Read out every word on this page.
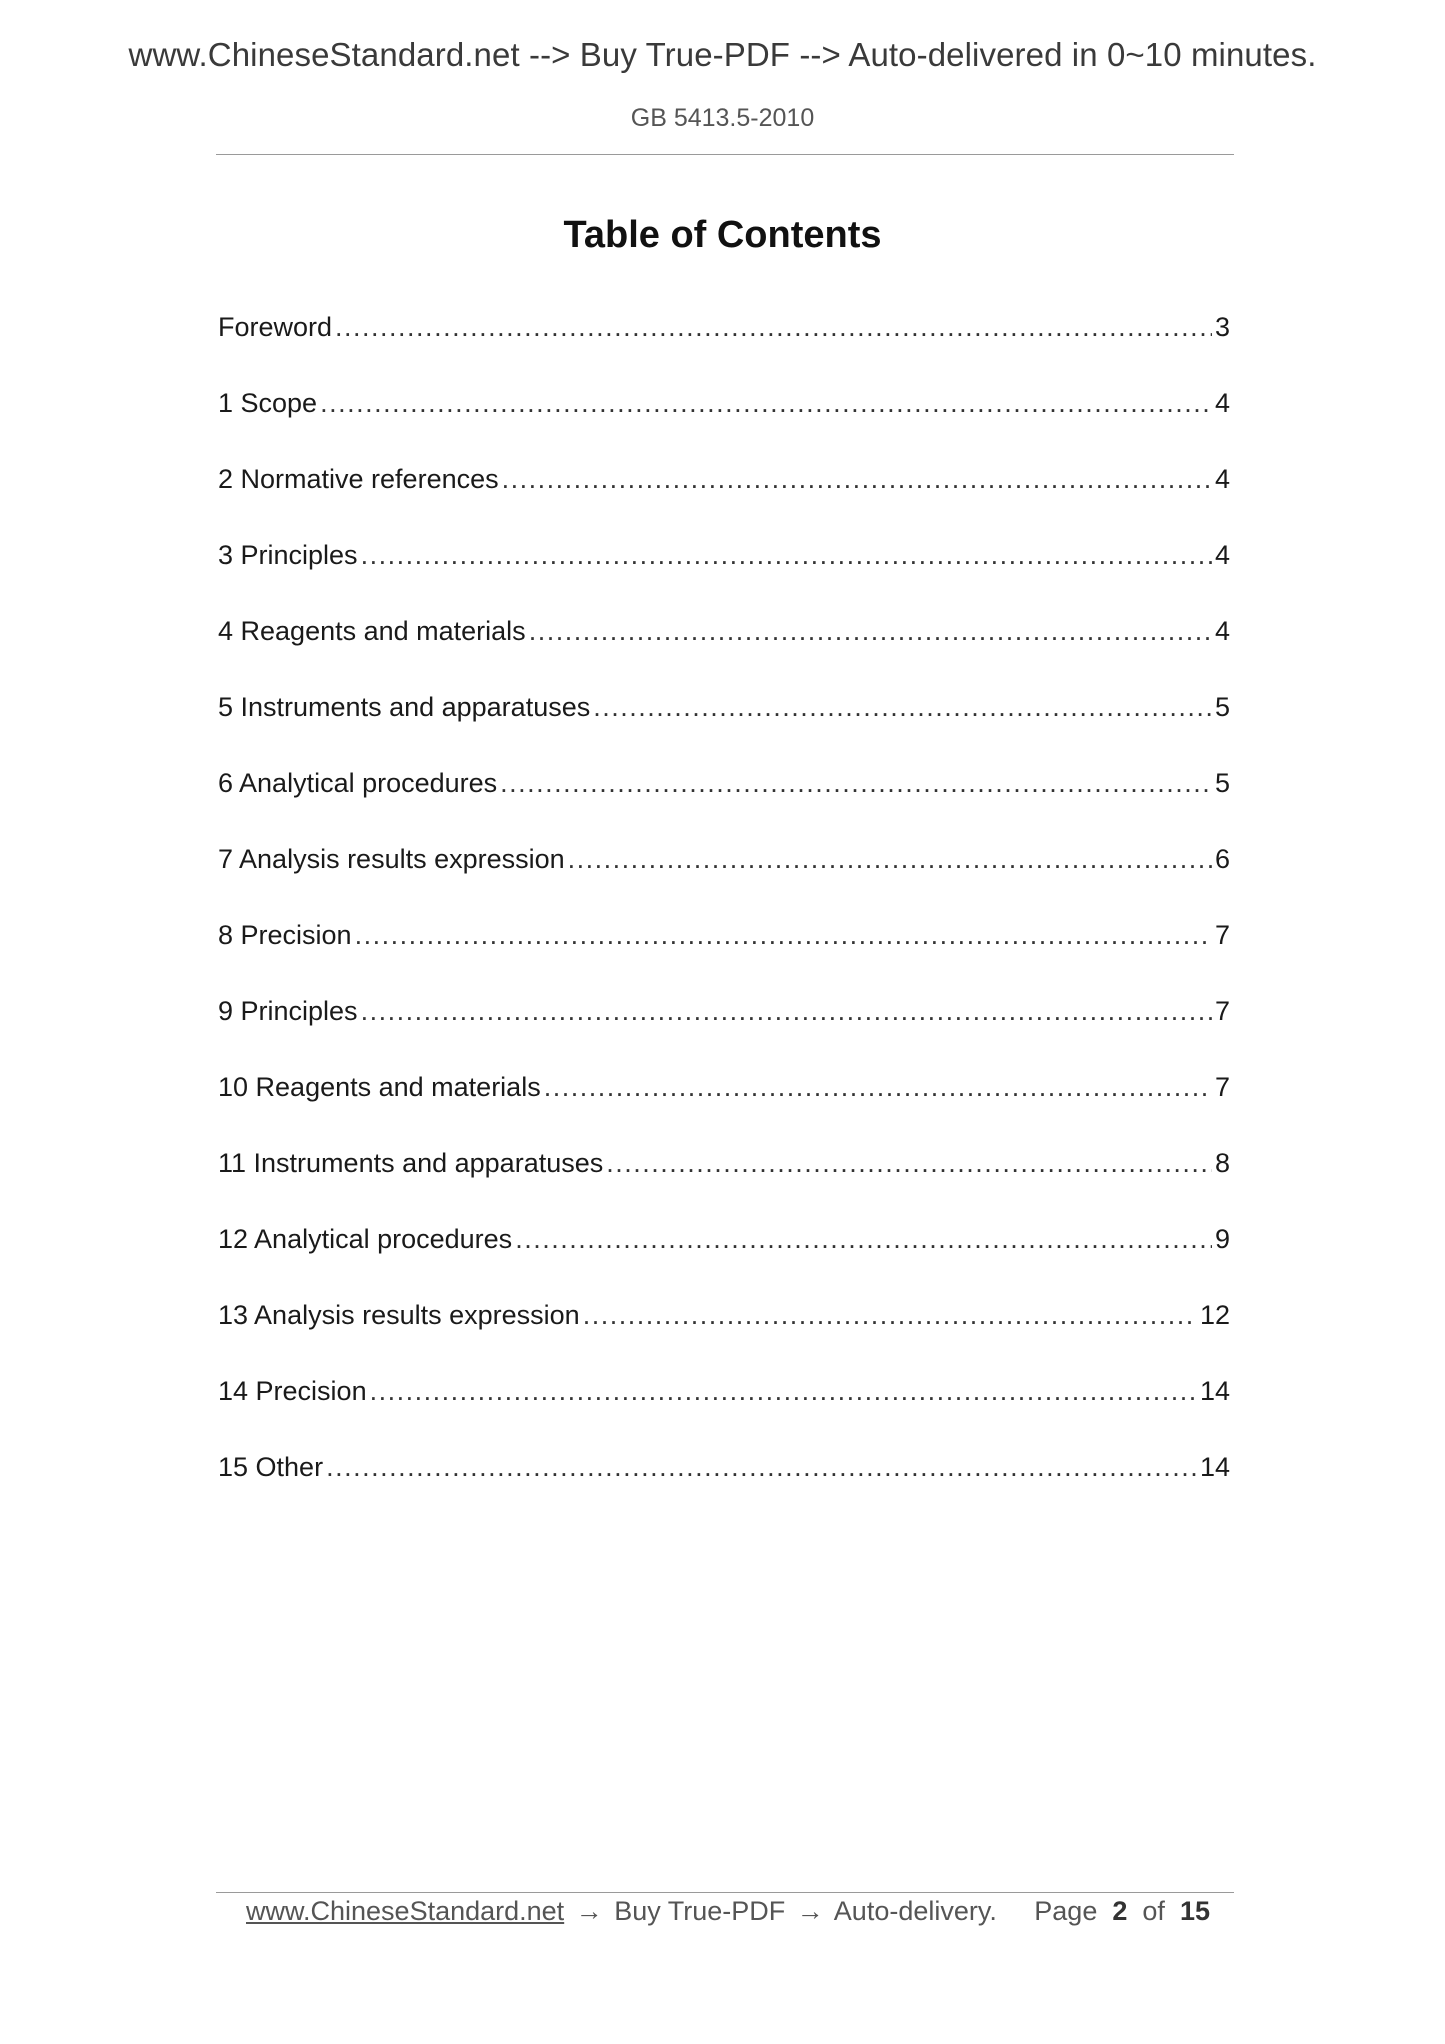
www.ChineseStandard.net --> Buy True-PDF --> Auto-delivered in 0~10 minutes.
GB 5413.5-2010
Table of Contents
Foreword .....	3
1 Scope .....	4
2 Normative references .....	4
3 Principles .....	4
4 Reagents and materials .....	4
5 Instruments and apparatuses .....	5
6 Analytical procedures .....	5
7 Analysis results expression .....	6
8 Precision .....	7
9 Principles .....	7
10 Reagents and materials .....	7
11 Instruments and apparatuses .....	8
12 Analytical procedures .....	9
13 Analysis results expression .....	12
14 Precision .....	14
15 Other .....	14
www.ChineseStandard.net → Buy True-PDF → Auto-delivery. Page 2 of 15
